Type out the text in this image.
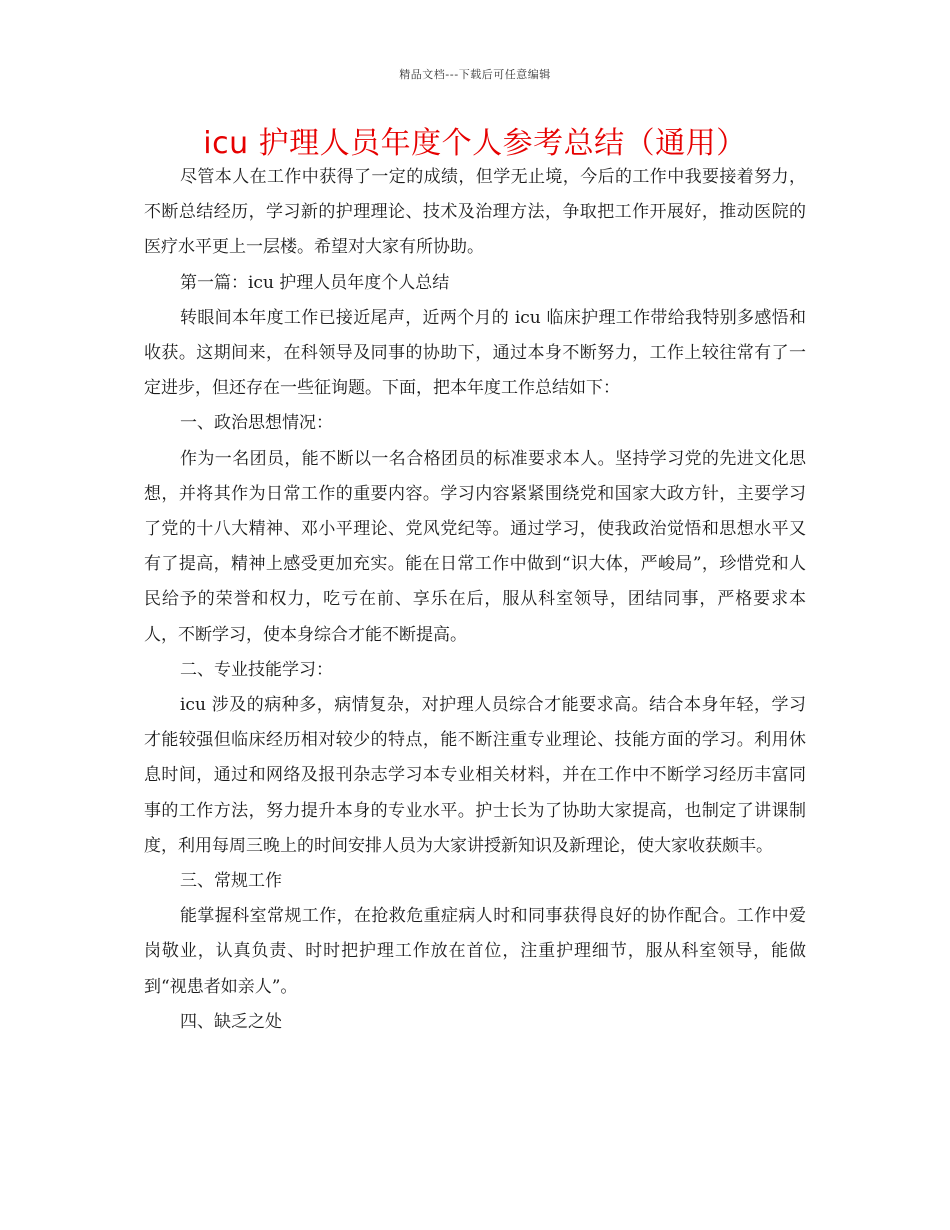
精品文档---下载后可任意编辑
icu 护理人员年度个人参考总结（通用）

尽管本人在工作中获得了一定的成绩，但学无止境，今后的工作中我要接着努力，不断总结经历，学习新的护理理论、技术及治理方法，争取把工作开展好，推动医院的医疗水平更上一层楼。希望对大家有所协助。

第一篇：icu 护理人员年度个人总结

转眼间本年度工作已接近尾声，近两个月的 icu 临床护理工作带给我特别多感悟和收获。这期间来，在科领导及同事的协助下，通过本身不断努力，工作上较往常有了一定进步，但还存在一些征询题。下面，把本年度工作总结如下：

一、政治思想情况：

作为一名团员，能不断以一名合格团员的标准要求本人。坚持学习党的先进文化思想，并将其作为日常工作的重要内容。学习内容紧紧围绕党和国家大政方针，主要学习了党的十八大精神、邓小平理论、党风党纪等。通过学习，使我政治觉悟和思想水平又有了提高，精神上感受更加充实。能在日常工作中做到“识大体，严峻局”，珍惜党和人民给予的荣誉和权力，吃亏在前、享乐在后，服从科室领导，团结同事，严格要求本人，不断学习，使本身综合才能不断提高。

二、专业技能学习：

icu 涉及的病种多，病情复杂，对护理人员综合才能要求高。结合本身年轻，学习才能较强但临床经历相对较少的特点，能不断注重专业理论、技能方面的学习。利用休息时间，通过和网络及报刊杂志学习本专业相关材料，并在工作中不断学习经历丰富同事的工作方法，努力提升本身的专业水平。护士长为了协助大家提高，也制定了讲课制度，利用每周三晚上的时间安排人员为大家讲授新知识及新理论，使大家收获颇丰。

三、常规工作

能掌握科室常规工作，在抢救危重症病人时和同事获得良好的协作配合。工作中爱岗敬业，认真负责、时时把护理工作放在首位，注重护理细节，服从科室领导，能做到“视患者如亲人”。

四、缺乏之处
